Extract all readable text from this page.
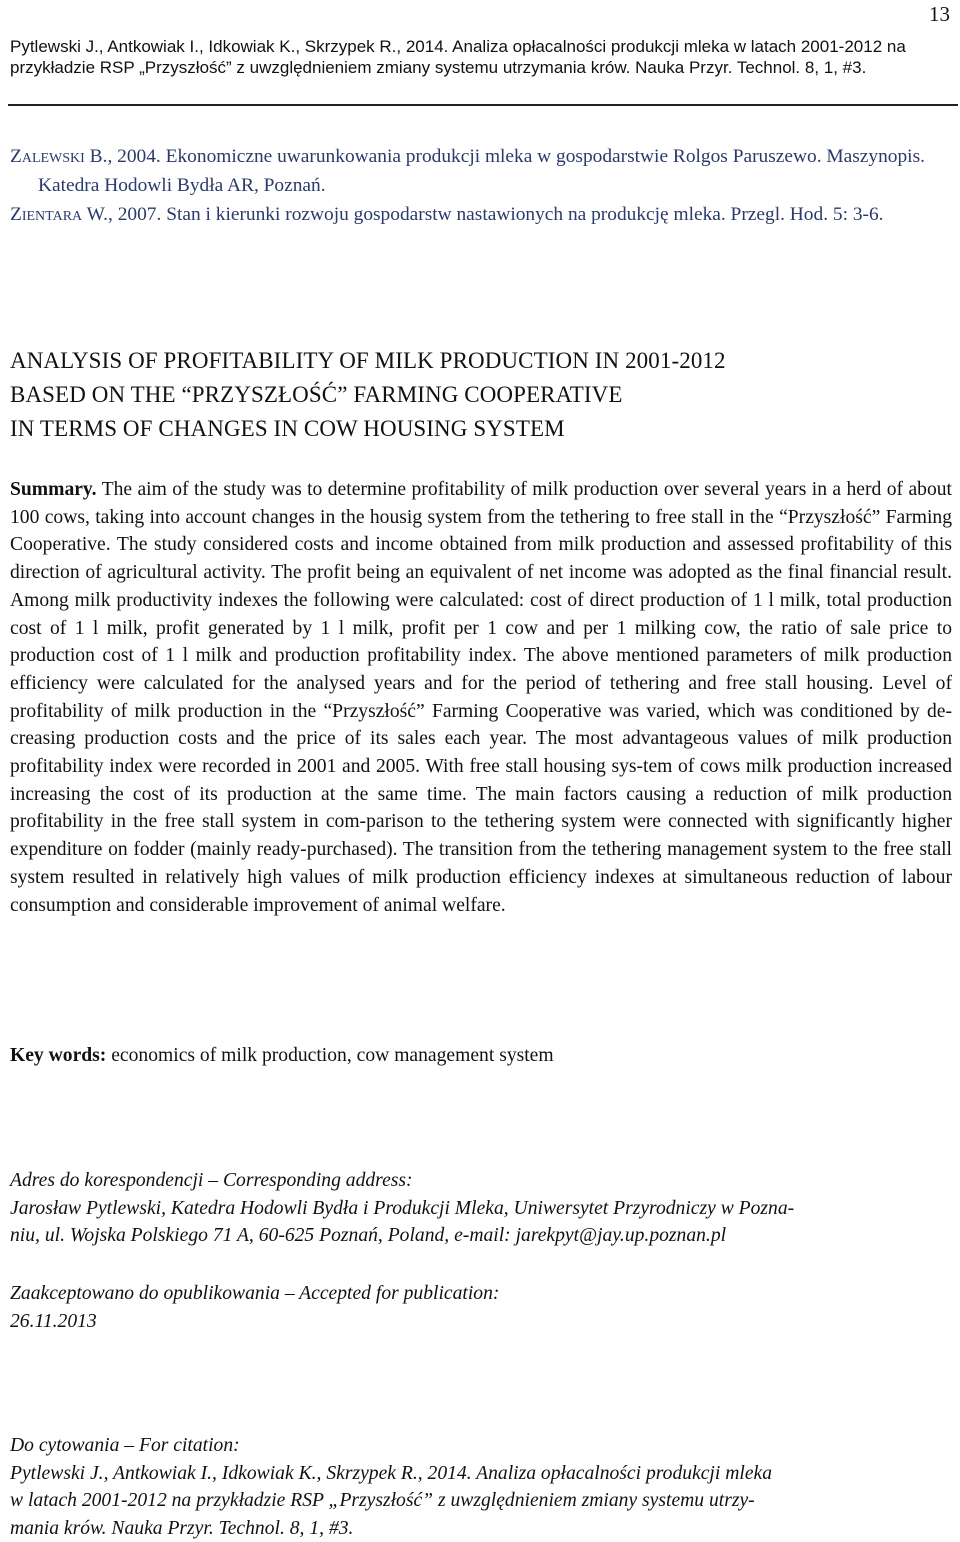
13
Pytlewski J., Antkowiak I., Idkowiak K., Skrzypek R., 2014. Analiza opłacalności produkcji mleka w latach 2001-2012 na przykładzie RSP „Przyszłość” z uwzględnieniem zmiany systemu utrzymania krów. Nauka Przyr. Technol. 8, 1, #3.
Zalewski B., 2004. Ekonomiczne uwarunkowania produkcji mleka w gospodarstwie Rolgos Paruszewo. Maszynopis. Katedra Hodowli Bydła AR, Poznań.
Zientara W., 2007. Stan i kierunki rozwoju gospodarstw nastawionych na produkcję mleka. Przegl. Hod. 5: 3-6.
ANALYSIS OF PROFITABILITY OF MILK PRODUCTION IN 2001-2012
BASED ON THE “PRZYSZŁOŚĆ” FARMING COOPERATIVE
IN TERMS OF CHANGES IN COW HOUSING SYSTEM
Summary. The aim of the study was to determine profitability of milk production over several years in a herd of about 100 cows, taking into account changes in the housig system from the tethering to free stall in the “Przyszłość” Farming Cooperative. The study considered costs and income obtained from milk production and assessed profitability of this direction of agricultural activity. The profit being an equivalent of net income was adopted as the final financial result. Among milk productivity indexes the following were calculated: cost of direct production of 1 l milk, total production cost of 1 l milk, profit generated by 1 l milk, profit per 1 cow and per 1 milking cow, the ratio of sale price to production cost of 1 l milk and production profitability index. The above mentioned parameters of milk production efficiency were calculated for the analysed years and for the period of tethering and free stall housing. Level of profitability of milk production in the “Przyszłość” Farming Cooperative was varied, which was conditioned by de-creasing production costs and the price of its sales each year. The most advantageous values of milk production profitability index were recorded in 2001 and 2005. With free stall housing sys-tem of cows milk production increased increasing the cost of its production at the same time. The main factors causing a reduction of milk production profitability in the free stall system in com-parison to the tethering system were connected with significantly higher expenditure on fodder (mainly ready-purchased). The transition from the tethering management system to the free stall system resulted in relatively high values of milk production efficiency indexes at simultaneous reduction of labour consumption and considerable improvement of animal welfare.
Key words: economics of milk production, cow management system
Adres do korespondencji – Corresponding address:
Jarosław Pytlewski, Katedra Hodowli Bydła i Produkcji Mleka, Uniwersytet Przyrodniczy w Pozna-
niu, ul. Wojska Polskiego 71 A, 60-625 Poznań, Poland, e-mail: jarekpyt@jay.up.poznan.pl
Zaakceptowano do opublikowania – Accepted for publication:
26.11.2013
Do cytowania – For citation:
Pytlewski J., Antkowiak I., Idkowiak K., Skrzypek R., 2014. Analiza opłacalności produkcji mleka
w latach 2001-2012 na przykładzie RSP „Przyszłość” z uwzględnieniem zmiany systemu utrzy-
mania krów. Nauka Przyr. Technol. 8, 1, #3.
